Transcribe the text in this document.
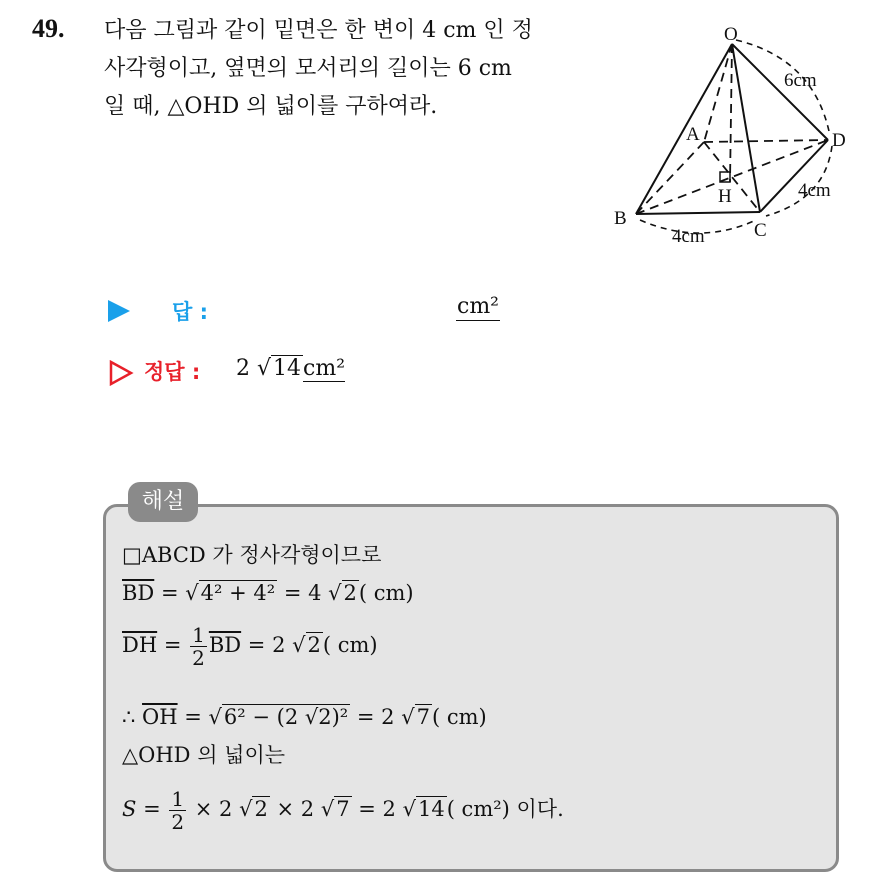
49. 다음 그림과 같이 밑면은 한 변이 4 cm 인 정
사각형이고, 옆면의 모서리의 길이는 6 cm
일 때, △OHD 의 넓이를 구하여라.
O
A
B
C
D
H
6cm
4cm
4cm
답 :	cm²
정답 : 2 √14cm²
해설
□ABCD 가 정사각형이므로
$\overline{BD} = √4^2 + 4^2 = 4$ √2( cm)
$\overline{DH} = \frac{1}{2} \overline{BD} = 2$ √2( cm)
∴ $\overline{OH} = √6^2 - (2$ √2)² = 2 √7( cm)
△OHD 의 넓이는
$S = \frac{1}{2} \times 2$ √2 × 2 √7 = 2 √14( cm²) 이다.
